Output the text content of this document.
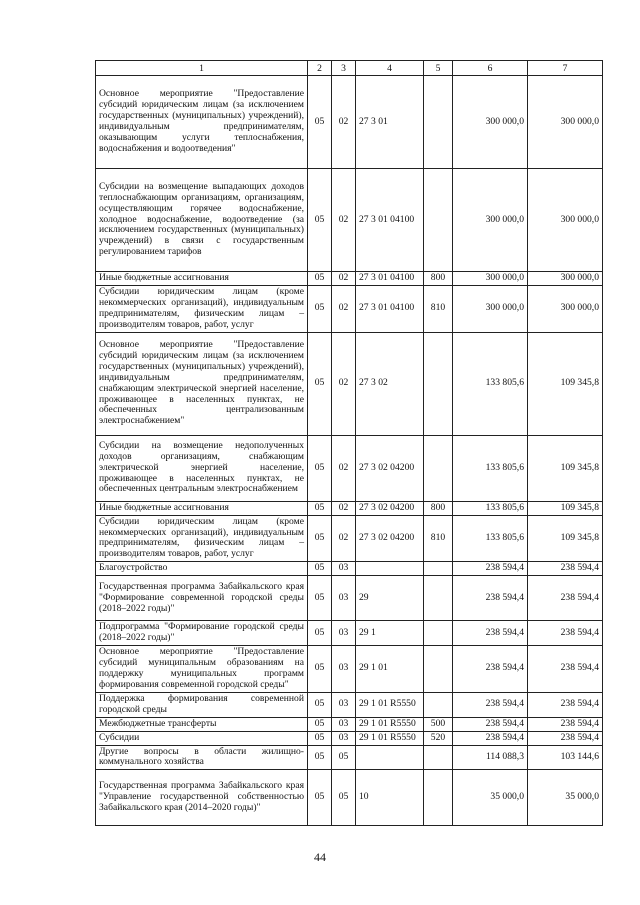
1	2	3	4	5	6	7
Основное мероприятие "Предоставление субсидий юридическим лицам (за исключением государственных (муниципальных) учреждений), индивидуальным предпринимателям, оказывающим услуги теплоснабжения, водоснабжения и водоотведения"	05	02	27 3 01		300 000,0	300 000,0
Субсидии на возмещение выпадающих доходов теплоснабжающим организациям, организациям, осуществляющим горячее водоснабжение, холодное водоснабжение, водоотведение (за исключением государственных (муниципальных) учреждений) в связи с государственным регулированием тарифов	05	02	27 3 01 04100		300 000,0	300 000,0
Иные бюджетные ассигнования	05	02	27 3 01 04100	800	300 000,0	300 000,0
Субсидии юридическим лицам (кроме некоммерческих организаций), индивидуальным предпринимателям, физическим лицам – производителям товаров, работ, услуг	05	02	27 3 01 04100	810	300 000,0	300 000,0
Основное мероприятие "Предоставление субсидий юридическим лицам (за исключением государственных (муниципальных) учреждений), индивидуальным предпринимателям, снабжающим электрической энергией население, проживающее в населенных пунктах, не обеспеченных централизованным электроснабжением"	05	02	27 3 02		133 805,6	109 345,8
Субсидии на возмещение недополученных доходов организациям, снабжающим электрической энергией население, проживающее в населенных пунктах, не обеспеченных центральным электроснабжением	05	02	27 3 02 04200		133 805,6	109 345,8
Иные бюджетные ассигнования	05	02	27 3 02 04200	800	133 805,6	109 345,8
Субсидии юридическим лицам (кроме некоммерческих организаций), индивидуальным предпринимателям, физическим лицам – производителям товаров, работ, услуг	05	02	27 3 02 04200	810	133 805,6	109 345,8
Благоустройство	05	03			238 594,4	238 594,4
Государственная программа Забайкальского края "Формирование современной городской среды (2018–2022 годы)"	05	03	29		238 594,4	238 594,4
Подпрограмма "Формирование городской среды (2018–2022 годы)"	05	03	29 1		238 594,4	238 594,4
Основное мероприятие "Предоставление субсидий муниципальным образованиям на поддержку муниципальных программ формирования современной городской среды"	05	03	29 1 01		238 594,4	238 594,4
Поддержка формирования современной городской среды	05	03	29 1 01 R5550		238 594,4	238 594,4
Межбюджетные трансферты	05	03	29 1 01 R5550	500	238 594,4	238 594,4
Субсидии	05	03	29 1 01 R5550	520	238 594,4	238 594,4
Другие вопросы в области жилищно-коммунального хозяйства	05	05			114 088,3	103 144,6
Государственная программа Забайкальского края "Управление государственной собственностью Забайкальского края (2014–2020 годы)"	05	05	10		35 000,0	35 000,0
44
